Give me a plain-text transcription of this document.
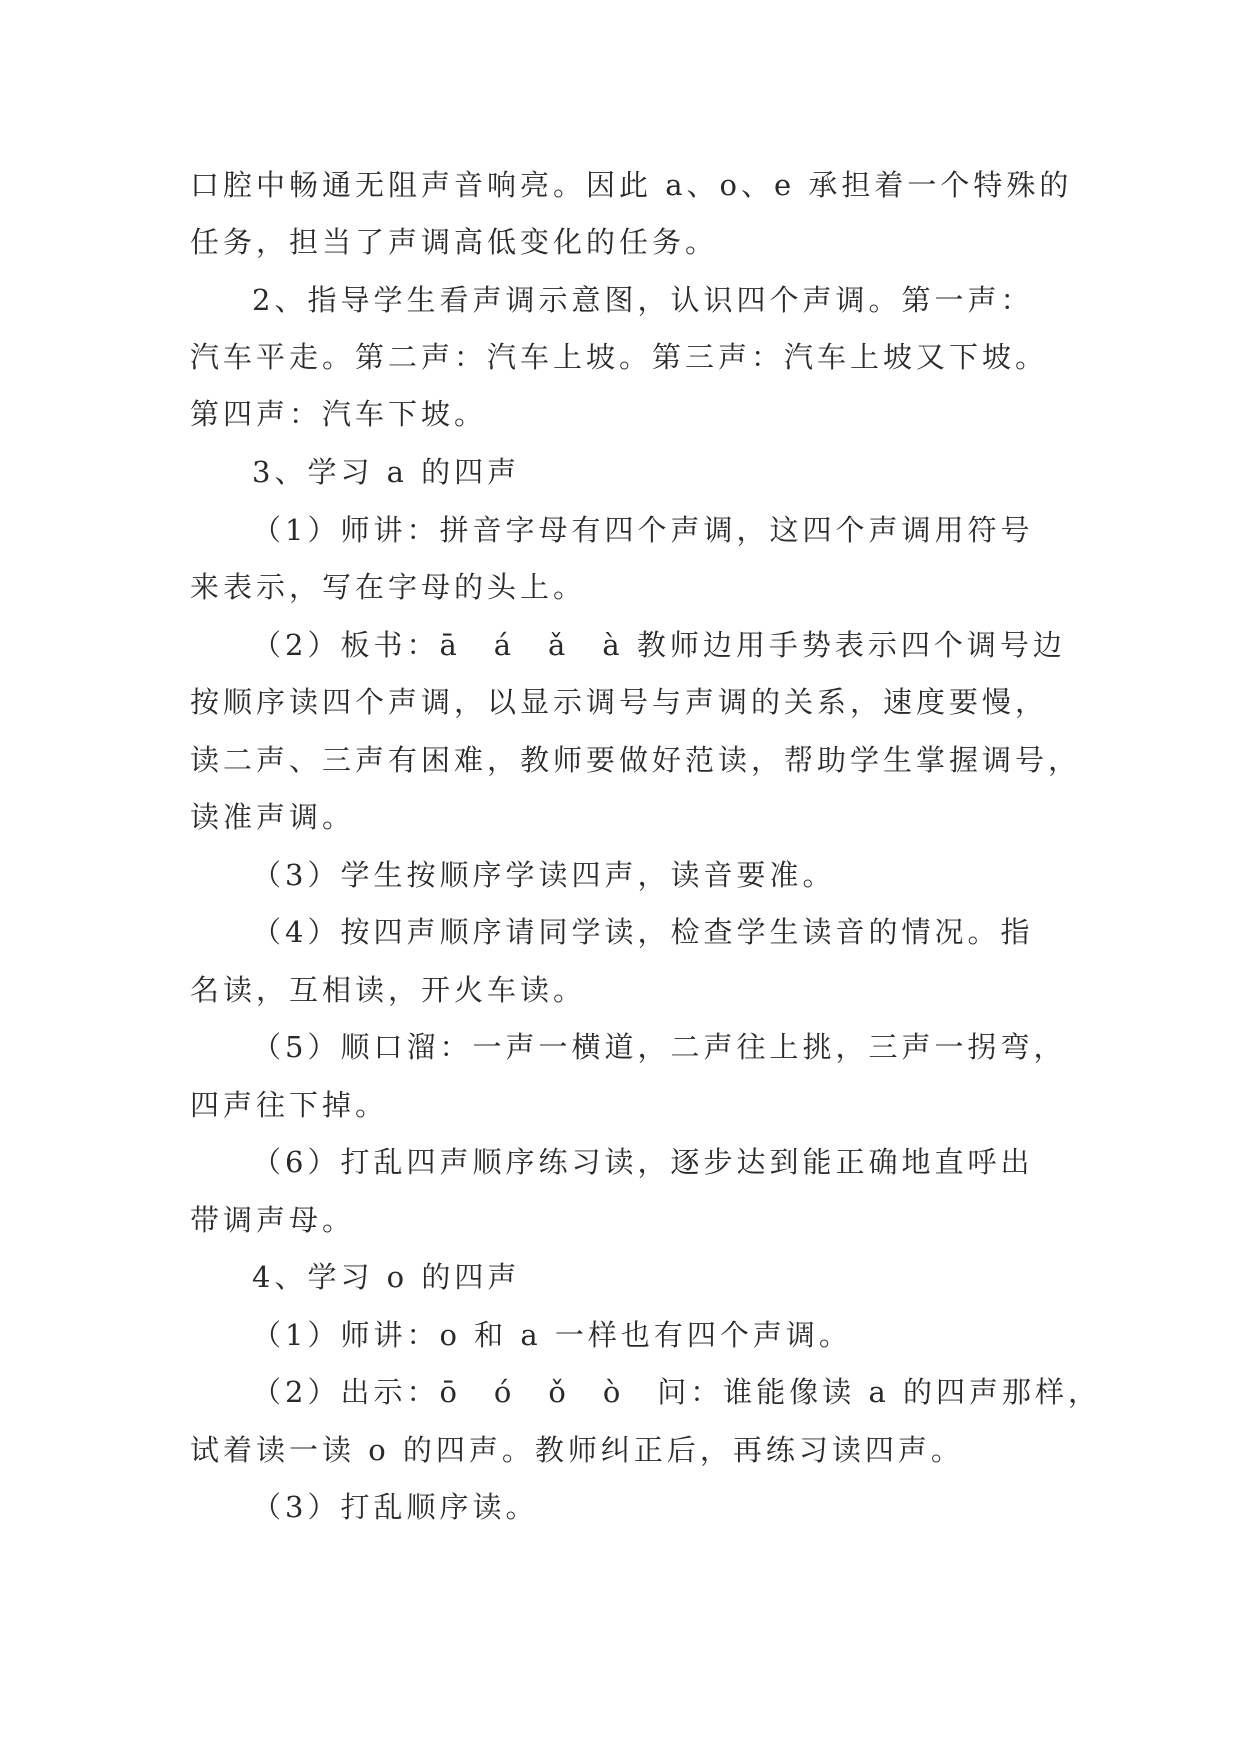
口腔中畅通无阻声音响亮。因此 a、o、e 承担着一个特殊的
任务，担当了声调高低变化的任务。
2、指导学生看声调示意图，认识四个声调。第一声：
汽车平走。第二声：汽车上坡。第三声：汽车上坡又下坡。
第四声：汽车下坡。
3、学习 a 的四声
（1）师讲：拼音字母有四个声调，这四个声调用符号
来表示，写在字母的头上。
（2）板书：ā　á　ǎ　à 教师边用手势表示四个调号边
按顺序读四个声调，以显示调号与声调的关系，速度要慢，
读二声、三声有困难，教师要做好范读，帮助学生掌握调号，
读准声调。
（3）学生按顺序学读四声，读音要准。
（4）按四声顺序请同学读，检查学生读音的情况。指
名读，互相读，开火车读。
（5）顺口溜：一声一横道，二声往上挑，三声一拐弯，
四声往下掉。
（6）打乱四声顺序练习读，逐步达到能正确地直呼出
带调声母。
4、学习 o 的四声
（1）师讲：o 和 a 一样也有四个声调。
（2）出示：ō　ó　ǒ　ò　问：谁能像读 a 的四声那样，
试着读一读 o 的四声。教师纠正后，再练习读四声。
（3）打乱顺序读。
